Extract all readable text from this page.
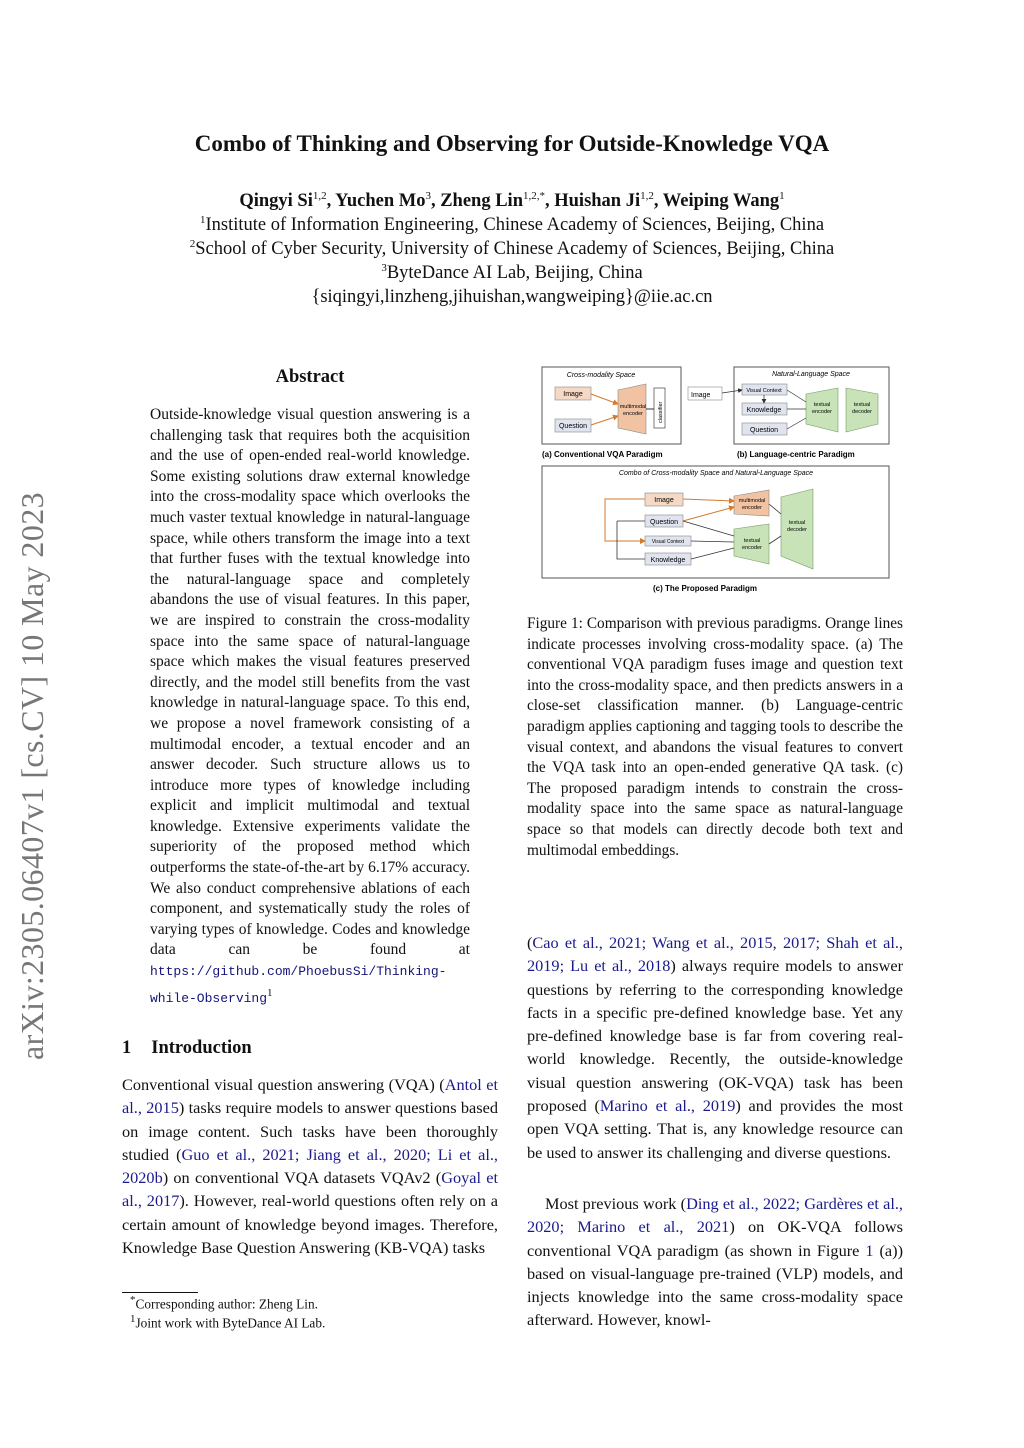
arXiv:2305.06407v1 [cs.CV] 10 May 2023
Combo of Thinking and Observing for Outside-Knowledge VQA
Qingyi Si$^{1,2}$, Yuchen Mo$^3$, Zheng Lin$^{1,2,*}$, Huishan Ji$^{1,2}$, Weiping Wang$^1$
$^1$Institute of Information Engineering, Chinese Academy of Sciences, Beijing, China
$^2$School of Cyber Security, University of Chinese Academy of Sciences, Beijing, China
$^3$ByteDance AI Lab, Beijing, China
{siqingyi,linzheng,jihuishan,wangweiping}@iie.ac.cn
Abstract
Outside-knowledge visual question answering is a challenging task that requires both the acquisition and the use of open-ended real-world knowledge. Some existing solutions draw external knowledge into the cross-modality space which overlooks the much vaster textual knowledge in natural-language space, while others transform the image into a text that further fuses with the textual knowledge into the natural-language space and completely abandons the use of visual features. In this paper, we are inspired to constrain the cross-modality space into the same space of natural-language space which makes the visual features preserved directly, and the model still benefits from the vast knowledge in natural-language space. To this end, we propose a novel framework consisting of a multimodal encoder, a textual encoder and an answer decoder. Such structure allows us to introduce more types of knowledge including explicit and implicit multimodal and textual knowledge. Extensive experiments validate the superiority of the proposed method which outperforms the state-of-the-art by 6.17% accuracy. We also conduct comprehensive ablations of each component, and systematically study the roles of varying types of knowledge. Codes and knowledge data can be found at https://github.com/PhoebusSi/Thinking-while-Observing$^1$
1 Introduction
Conventional visual question answering (VQA) (Antol et al., 2015) tasks require models to answer questions based on image content. Such tasks have been thoroughly studied (Guo et al., 2021; Jiang et al., 2020; Li et al., 2020b) on conventional VQA datasets VQAv2 (Goyal et al., 2017). However, real-world questions often rely on a certain amount of knowledge beyond images. Therefore, Knowledge Base Question Answering (KB-VQA) tasks
*Corresponding author: Zheng Lin.
$^1$Joint work with ByteDance AI Lab.
Cross-modality Space
Image
Question
multimodal
encoder	classifier
(a) Conventional VQA Paradigm
Image
Natural-Language Space
Visual Context
Knowledge
Question
textual
encoder
textual
decoder
(b) Language-centric Paradigm
Combo of Cross-modality Space and Natural-Language Space
Image
Question
Visual Context
Knowledge
multimodal
encoder
textual
encoder
textual
decoder
(c) The Proposed Paradigm
Figure 1: Comparison with previous paradigms. Orange lines indicate processes involving cross-modality space. (a) The conventional VQA paradigm fuses image and question text into the cross-modality space, and then predicts answers in a close-set classification manner. (b) Language-centric paradigm applies captioning and tagging tools to describe the visual context, and abandons the visual features to convert the VQA task into an open-ended generative QA task. (c) The proposed paradigm intends to constrain the cross-modality space into the same space as natural-language space so that models can directly decode both text and multimodal embeddings.
(Cao et al., 2021; Wang et al., 2015, 2017; Shah et al., 2019; Lu et al., 2018) always require models to answer questions by referring to the corresponding knowledge facts in a specific pre-defined knowledge base. Yet any pre-defined knowledge base is far from covering real-world knowledge. Recently, the outside-knowledge visual question answering (OK-VQA) task has been proposed (Marino et al., 2019) and provides the most open VQA setting. That is, any knowledge resource can be used to answer its challenging and diverse questions.
Most previous work (Ding et al., 2022; Gardères et al., 2020; Marino et al., 2021) on OK-VQA follows conventional VQA paradigm (as shown in Figure 1 (a)) based on visual-language pre-trained (VLP) models, and injects knowledge into the same cross-modality space afterward. However, knowl-
